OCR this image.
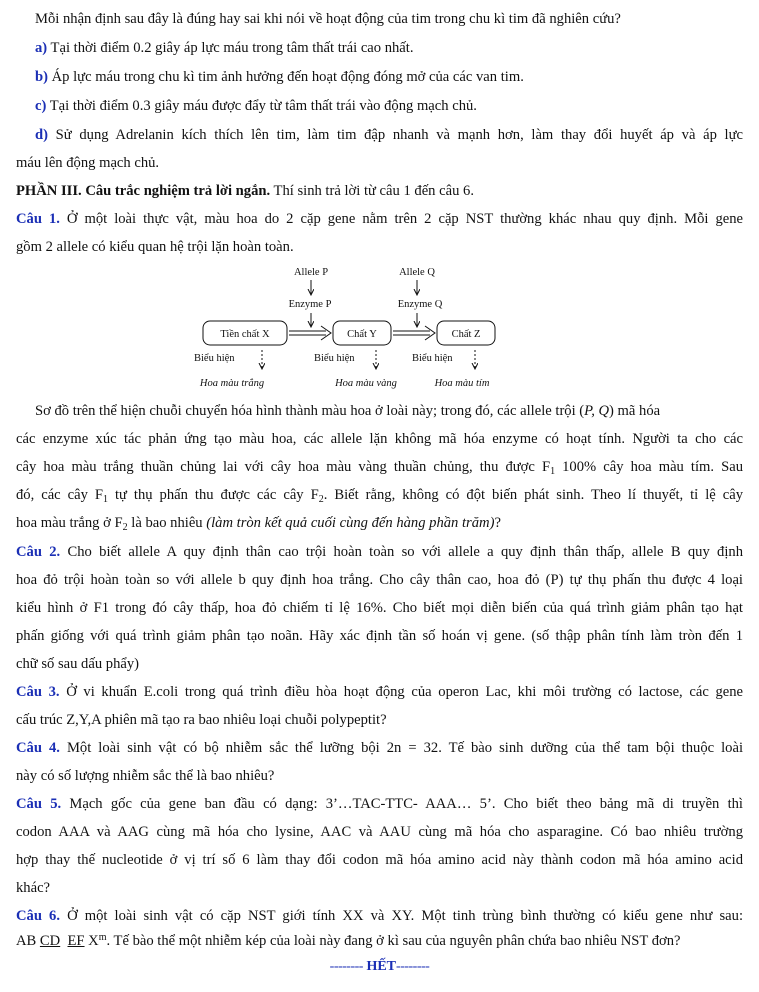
Mỗi nhận định sau đây là đúng hay sai khi nói về hoạt động của tim trong chu kì tim đã nghiên cứu?
a) Tại thời điểm 0.2 giây áp lực máu trong tâm thất trái cao nhất.
b) Áp lực máu trong chu kì tim ảnh hưởng đến hoạt động đóng mở của các van tim.
c) Tại thời điểm 0.3 giây máu được đẩy từ tâm thất trái vào động mạch chủ.
d) Sử dụng Adrelanin kích thích lên tim, làm tim đập nhanh và mạnh hơn, làm thay đổi huyết áp và áp lực
máu lên động mạch chủ.
PHẦN III. Câu trắc nghiệm trả lời ngắn. Thí sinh trả lời từ câu 1 đến câu 6.
Câu 1. Ở một loài thực vật, màu hoa do 2 cặp gene nằm trên 2 cặp NST thường khác nhau quy định. Mỗi gene
gồm 2 allele có kiểu quan hệ trội lặn hoàn toàn.
Allele P	Allele Q
Enzyme P	Enzyme Q
Tiền chất X	Chất Y	Chất Z
Biểu hiện	Biểu hiện	Biểu hiện
Hoa màu trắng	Hoa màu vàng	Hoa màu tím
Sơ đồ trên thể hiện chuỗi chuyển hóa hình thành màu hoa ở loài này; trong đó, các allele trội (P, Q) mã hóa
các enzyme xúc tác phản ứng tạo màu hoa, các allele lặn không mã hóa enzyme có hoạt tính. Người ta cho các
cây hoa màu trắng thuần chủng lai với cây hoa màu vàng thuần chủng, thu được $F_1$ 100% cây hoa màu tím. Sau
đó, các cây $F_1$ tự thụ phấn thu được các cây $F_2$. Biết rằng, không có đột biến phát sinh. Theo lí thuyết, tỉ lệ cây
hoa màu trắng ở $F_2$ là bao nhiêu (làm tròn kết quả cuối cùng đến hàng phần trăm)?
Câu 2. Cho biết allele A quy định thân cao trội hoàn toàn so với allele a quy định thân thấp, allele B quy định
hoa đỏ trội hoàn toàn so với allele b quy định hoa trắng. Cho cây thân cao, hoa đỏ (P) tự thụ phấn thu được 4 loại
kiểu hình ở F1 trong đó cây thấp, hoa đỏ chiếm tỉ lệ 16%. Cho biết mọi diễn biến của quá trình giảm phân tạo hạt
phấn giống với quá trình giảm phân tạo noãn. Hãy xác định tần số hoán vị gene. (số thập phân tính làm tròn đến 1
chữ số sau dấu phẩy)
Câu 3. Ở vi khuẩn E.coli trong quá trình điều hòa hoạt động của operon Lac, khi môi trường có lactose, các gene
cấu trúc Z,Y,A phiên mã tạo ra bao nhiêu loại chuỗi polypeptit?
Câu 4. Một loài sinh vật có bộ nhiễm sắc thể lưỡng bội 2n = 32. Tế bào sinh dưỡng của thể tam bội thuộc loài
này có số lượng nhiễm sắc thể là bao nhiêu?
Câu 5. Mạch gốc của gene ban đầu có dạng: 3’…TAC-TTC- AAA… 5’. Cho biết theo bảng mã di truyền thì
codon AAA và AAG cùng mã hóa cho lysine, AAC và AAU cùng mã hóa cho asparagine. Có bao nhiêu trường
hợp thay thế nucleotide ở vị trí số 6 làm thay đổi codon mã hóa amino acid này thành codon mã hóa amino acid
khác?
Câu 6. Ở một loài sinh vật có cặp NST giới tính XX và XY. Một tinh trùng bình thường có kiểu gene như sau:
AB CD EF $X^m$. Tế bào thể một nhiễm kép của loài này đang ở kì sau của nguyên phân chứa bao nhiêu NST đơn?
-------- HẾT--------
